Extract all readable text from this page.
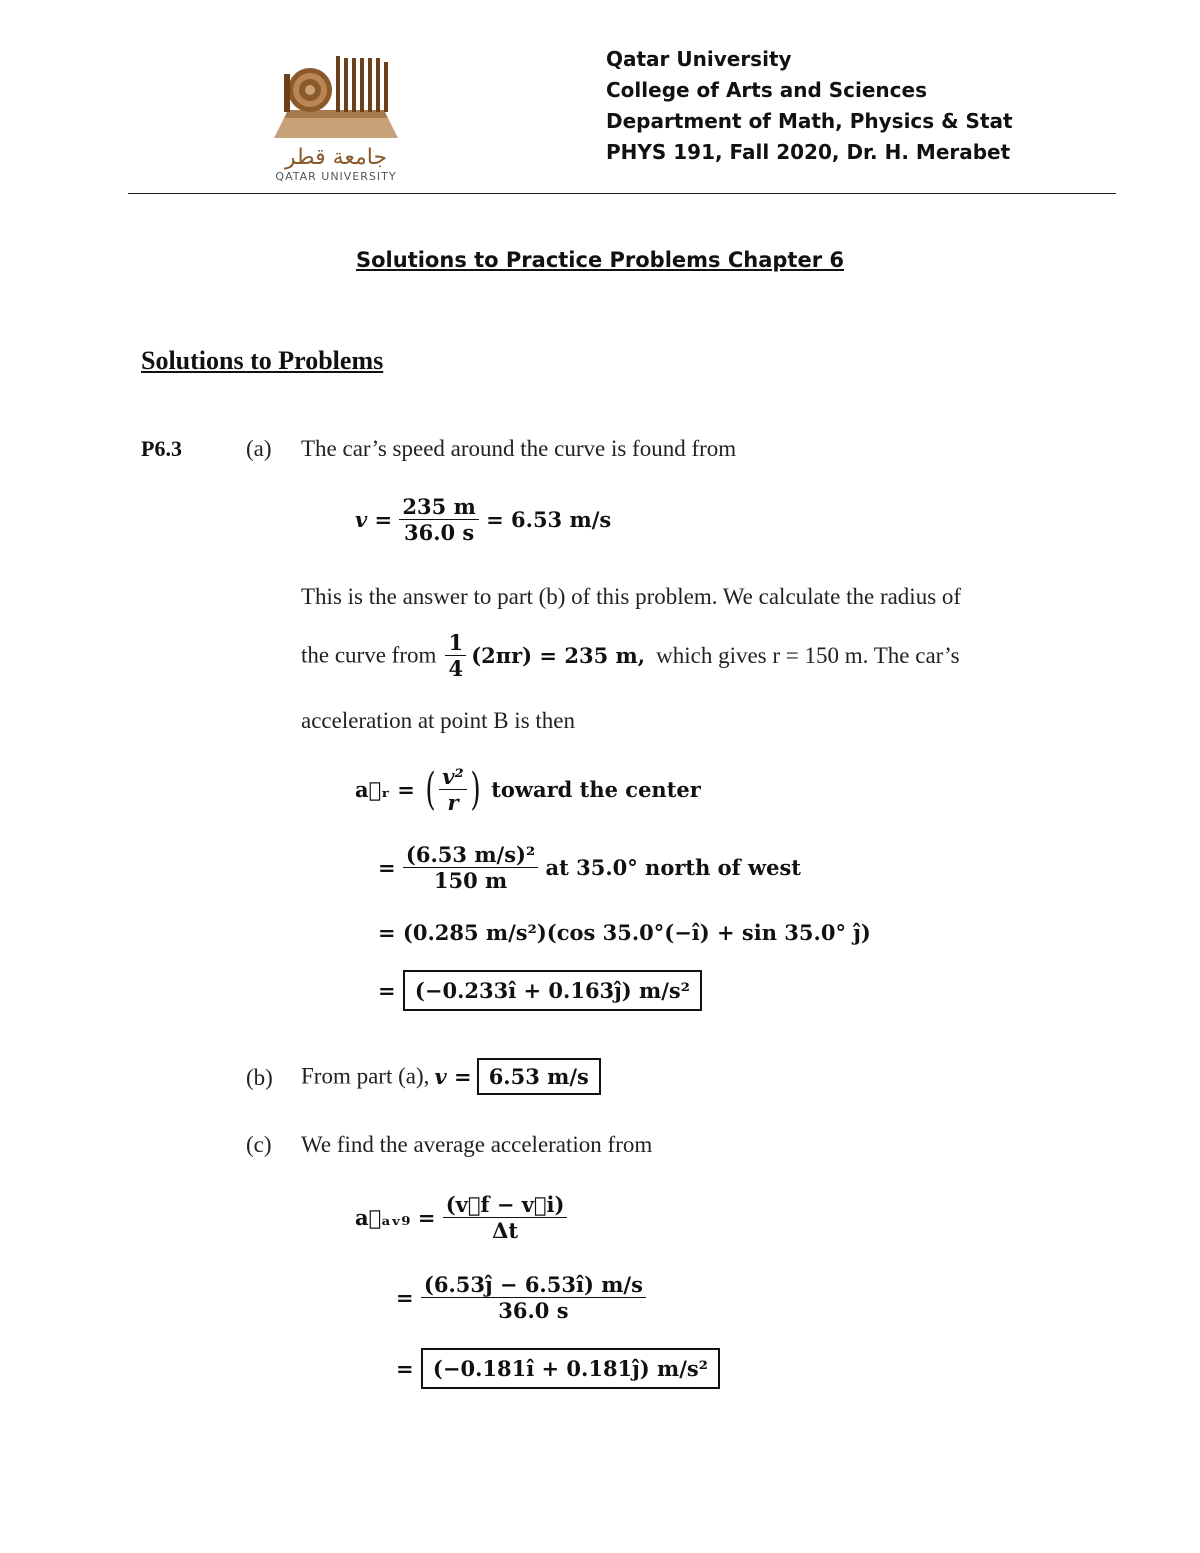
جامعة قطر
QATAR UNIVERSITY
Qatar University
College of Arts and Sciences
Department of Math, Physics & Stat
PHYS 191, Fall 2020, Dr. H. Merabet
Solutions to Practice Problems Chapter 6
Solutions to Problems
P6.3	(a) The car’s speed around the curve is found from
$v = \frac{235 m}{36.0 s} = 6.53$ m/s
This is the answer to part (b) of this problem. We calculate the radius of
the curve from $\frac{1}{4} (2\pi r) = 235$ m, which gives r = 150 m. The car’s
acceleration at point B is then
a⃗ᵣ = ( $\frac{\text{v²}}{r}$ ) toward the center
= $\frac{\text{(6.53 m/s)²}}{150 m}$ at 35.0° north of west
= (0.285 m/s²)(cos 35.0°(−î) + sin 35.0° ĵ)
= (−0.233î + 0.163ĵ) m/s²
(b) From part (a), v = 6.53 m/s
(c) We find the average acceleration from
a⃗ₐᵥ₉ = $\frac{(v⃗f - v⃗i)}{\Delta t}$
= $\frac{(6.53ĵ - 6.53î) m/s}{36.0 s}$
= (−0.181î + 0.181ĵ) m/s²
